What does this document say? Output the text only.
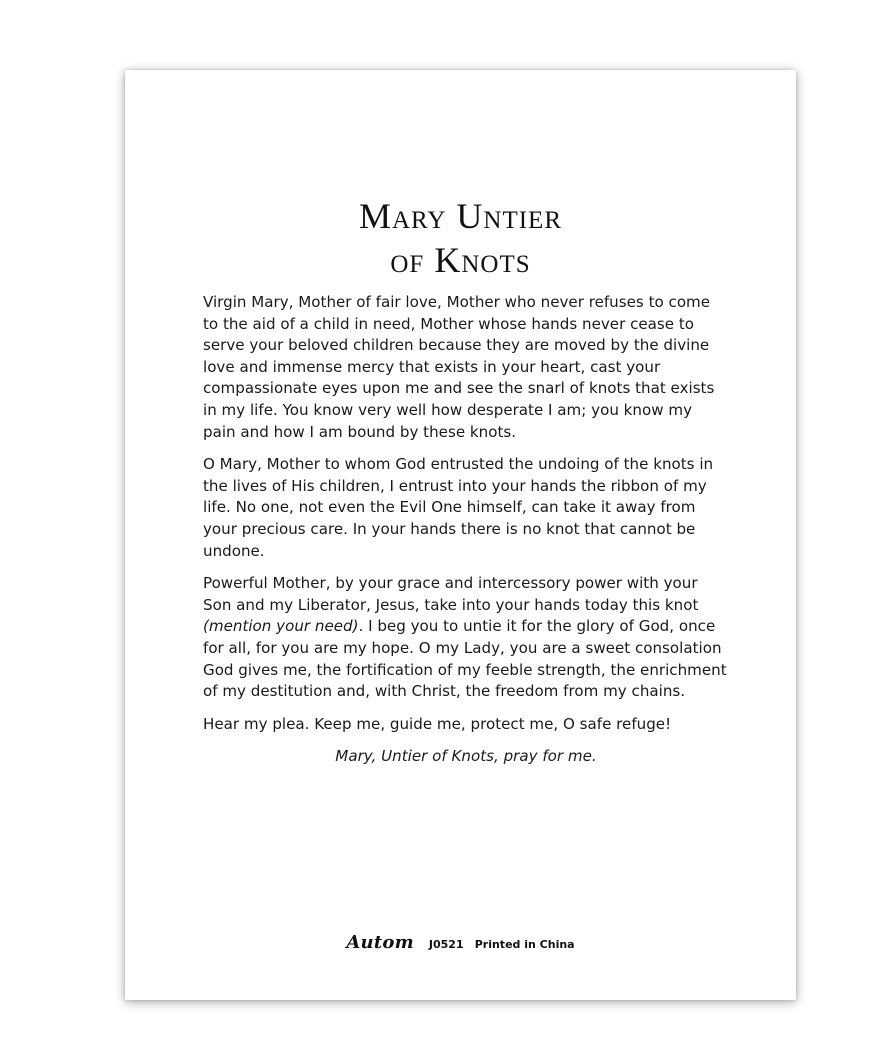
Mary Untier
of Knots

Virgin Mary, Mother of fair love, Mother who never refuses to come to the aid of a child in need, Mother whose hands never cease to serve your beloved children because they are moved by the divine love and immense mercy that exists in your heart, cast your compassionate eyes upon me and see the snarl of knots that exists in my life. You know very well how desperate I am; you know my pain and how I am bound by these knots.

O Mary, Mother to whom God entrusted the undoing of the knots in the lives of His children, I entrust into your hands the ribbon of my life. No one, not even the Evil One himself, can take it away from your precious care. In your hands there is no knot that cannot be undone.

Powerful Mother, by your grace and intercessory power with your Son and my Liberator, Jesus, take into your hands today this knot (mention your need). I beg you to untie it for the glory of God, once for all, for you are my hope. O my Lady, you are a sweet consolation God gives me, the fortification of my feeble strength, the enrichment of my destitution and, with Christ, the freedom from my chains.

Hear my plea. Keep me, guide me, protect me, O safe refuge!

Mary, Untier of Knots, pray for me.

Autom J0521 Printed in China
